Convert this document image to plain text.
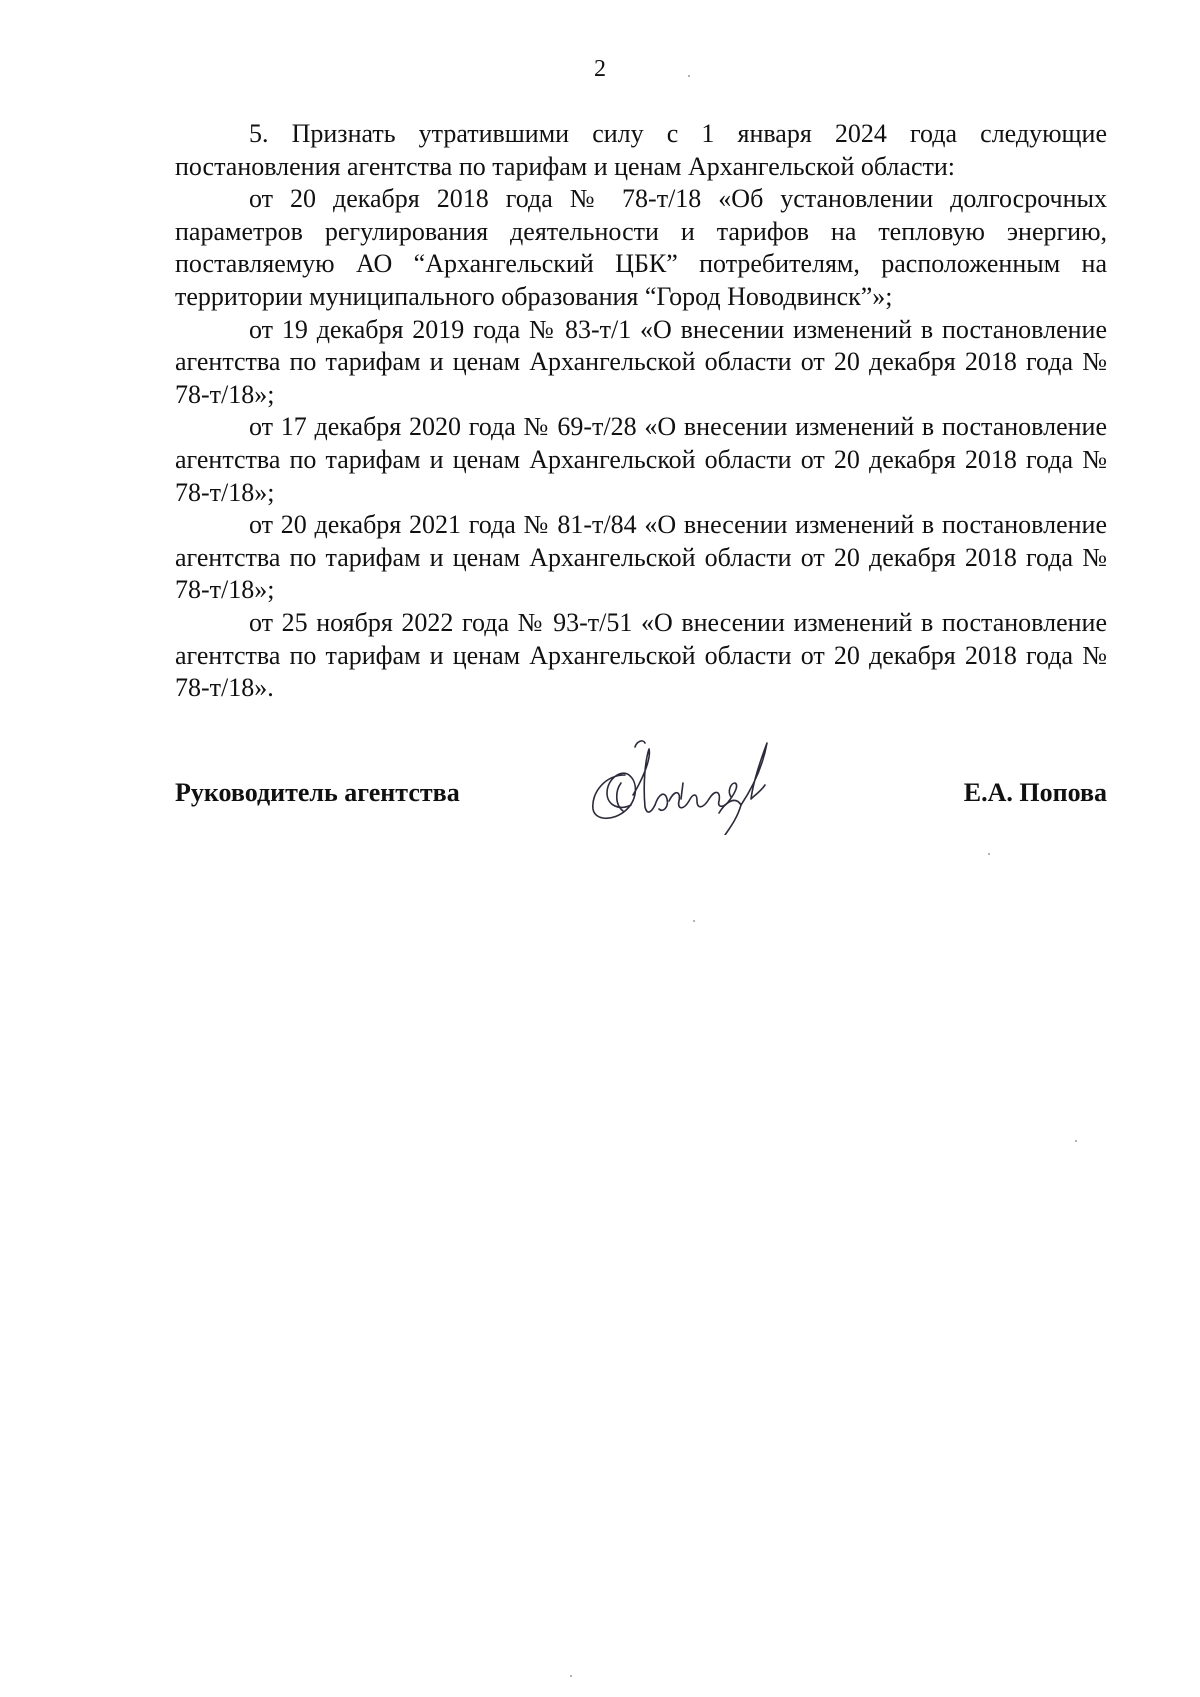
2

5. Признать утратившими силу с 1 января 2024 года следующие постановления агентства по тарифам и ценам Архангельской области:

от 20 декабря 2018 года № 78-т/18 «Об установлении долгосрочных параметров регулирования деятельности и тарифов на тепловую энергию, поставляемую АО “Архангельский ЦБК” потребителям, расположенным на территории муниципального образования “Город Новодвинск”»;

от 19 декабря 2019 года № 83-т/1 «О внесении изменений в постановление агентства по тарифам и ценам Архангельской области от 20 декабря 2018 года № 78-т/18»;

от 17 декабря 2020 года № 69-т/28 «О внесении изменений в постановление агентства по тарифам и ценам Архангельской области от 20 декабря 2018 года № 78-т/18»;

от 20 декабря 2021 года № 81-т/84 «О внесении изменений в постановление агентства по тарифам и ценам Архангельской области от 20 декабря 2018 года № 78-т/18»;

от 25 ноября 2022 года № 93-т/51 «О внесении изменений в постановление агентства по тарифам и ценам Архангельской области от 20 декабря 2018 года № 78-т/18».

Руководитель агентства	Е.А. Попова
